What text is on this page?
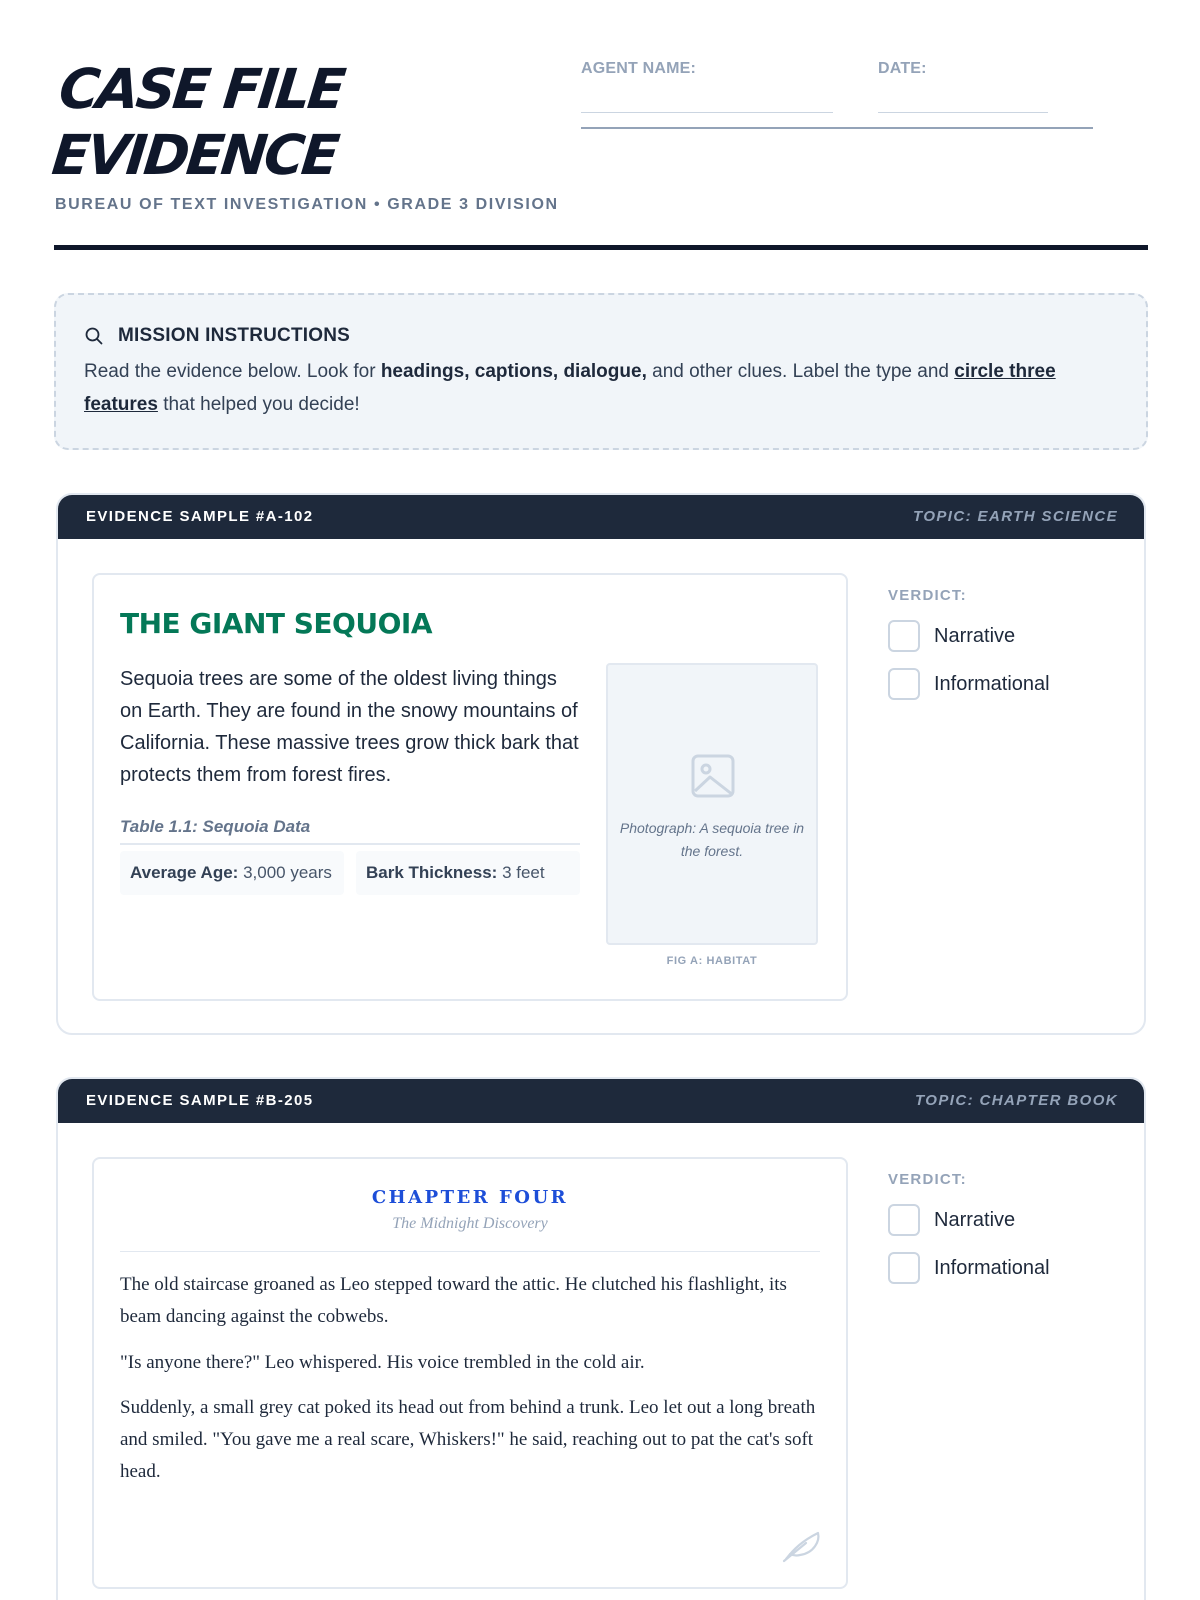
CASE FILE
EVIDENCE
BUREAU OF TEXT INVESTIGATION • GRADE 3 DIVISION
AGENT NAME:	DATE:
MISSION INSTRUCTIONS
Read the evidence below. Look for headings, captions, dialogue, and other clues. Label the type and circle three features that helped you decide!
EVIDENCE SAMPLE #A-102	TOPIC: EARTH SCIENCE
THE GIANT SEQUOIA
Sequoia trees are some of the oldest living things on Earth. They are found in the snowy mountains of California. These massive trees grow thick bark that protects them from forest fires.
Table 1.1: Sequoia Data
Average Age: 3,000 years	Bark Thickness: 3 feet
Photograph: A sequoia tree in the forest.
FIG A: HABITAT
VERDICT:
Narrative
Informational
EVIDENCE SAMPLE #B-205	TOPIC: CHAPTER BOOK
CHAPTER FOUR
The Midnight Discovery
The old staircase groaned as Leo stepped toward the attic. He clutched his flashlight, its beam dancing against the cobwebs.
"Is anyone there?" Leo whispered. His voice trembled in the cold air.
Suddenly, a small grey cat poked its head out from behind a trunk. Leo let out a long breath and smiled. "You gave me a real scare, Whiskers!" he said, reaching out to pat the cat's soft head.
VERDICT:
Narrative
Informational
